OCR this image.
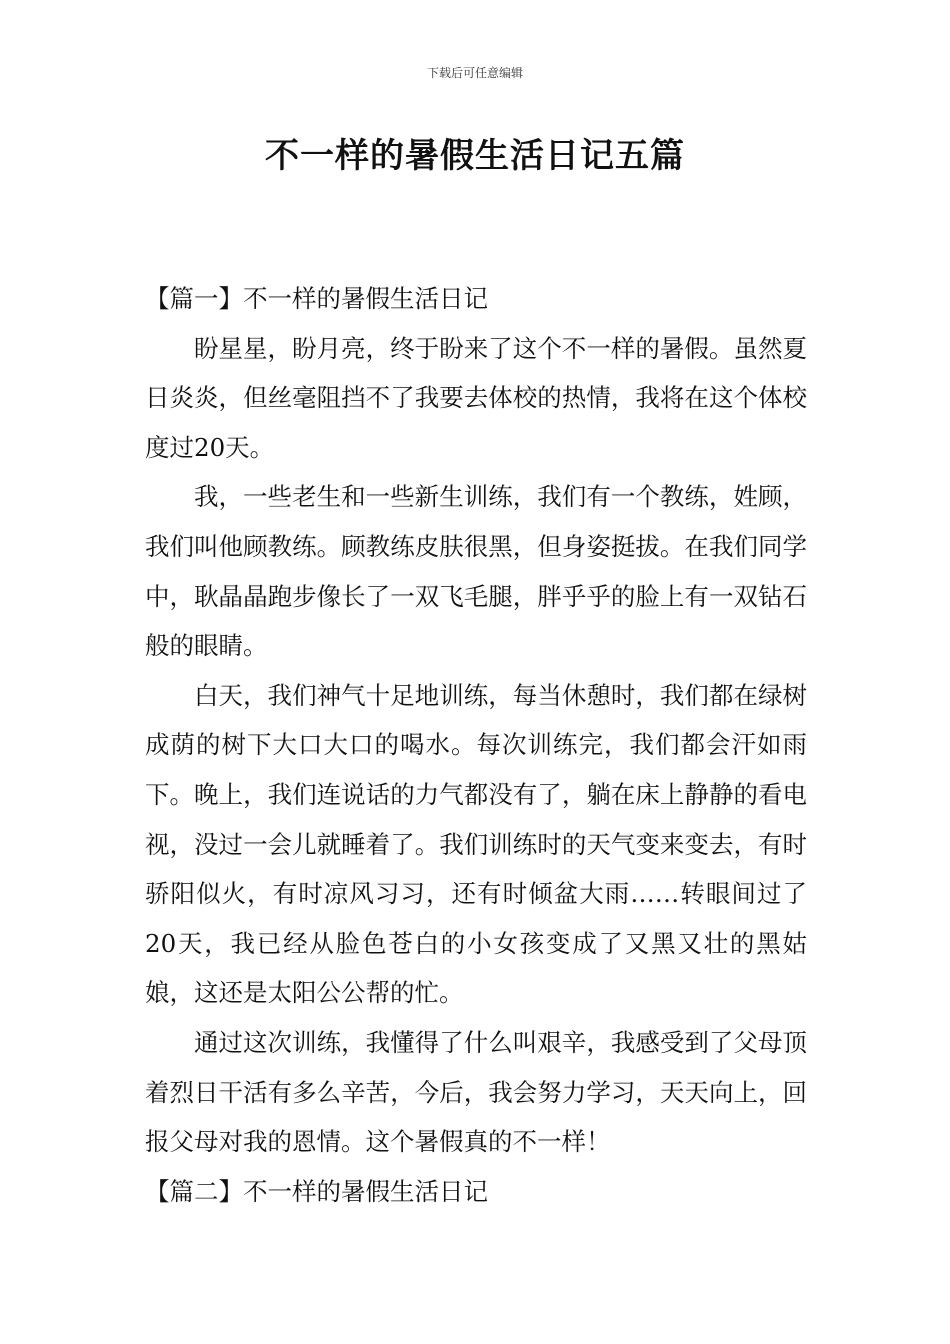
下载后可任意编辑
不一样的暑假生活日记五篇
【篇一】不一样的暑假生活日记

盼星星，盼月亮，终于盼来了这个不一样的暑假。虽然夏日炎炎，但丝毫阻挡不了我要去体校的热情，我将在这个体校度过20天。

我，一些老生和一些新生训练，我们有一个教练，姓顾，我们叫他顾教练。顾教练皮肤很黑，但身姿挺拔。在我们同学中，耿晶晶跑步像长了一双飞毛腿，胖乎乎的脸上有一双钻石般的眼睛。

白天，我们神气十足地训练，每当休憩时，我们都在绿树成荫的树下大口大口的喝水。每次训练完，我们都会汗如雨下。晚上，我们连说话的力气都没有了，躺在床上静静的看电视，没过一会儿就睡着了。我们训练时的天气变来变去，有时骄阳似火，有时凉风习习，还有时倾盆大雨……转眼间过了20天，我已经从脸色苍白的小女孩变成了又黑又壮的黑姑娘，这还是太阳公公帮的忙。

通过这次训练，我懂得了什么叫艰辛，我感受到了父母顶着烈日干活有多么辛苦，今后，我会努力学习，天天向上，回报父母对我的恩情。这个暑假真的不一样！

【篇二】不一样的暑假生活日记
